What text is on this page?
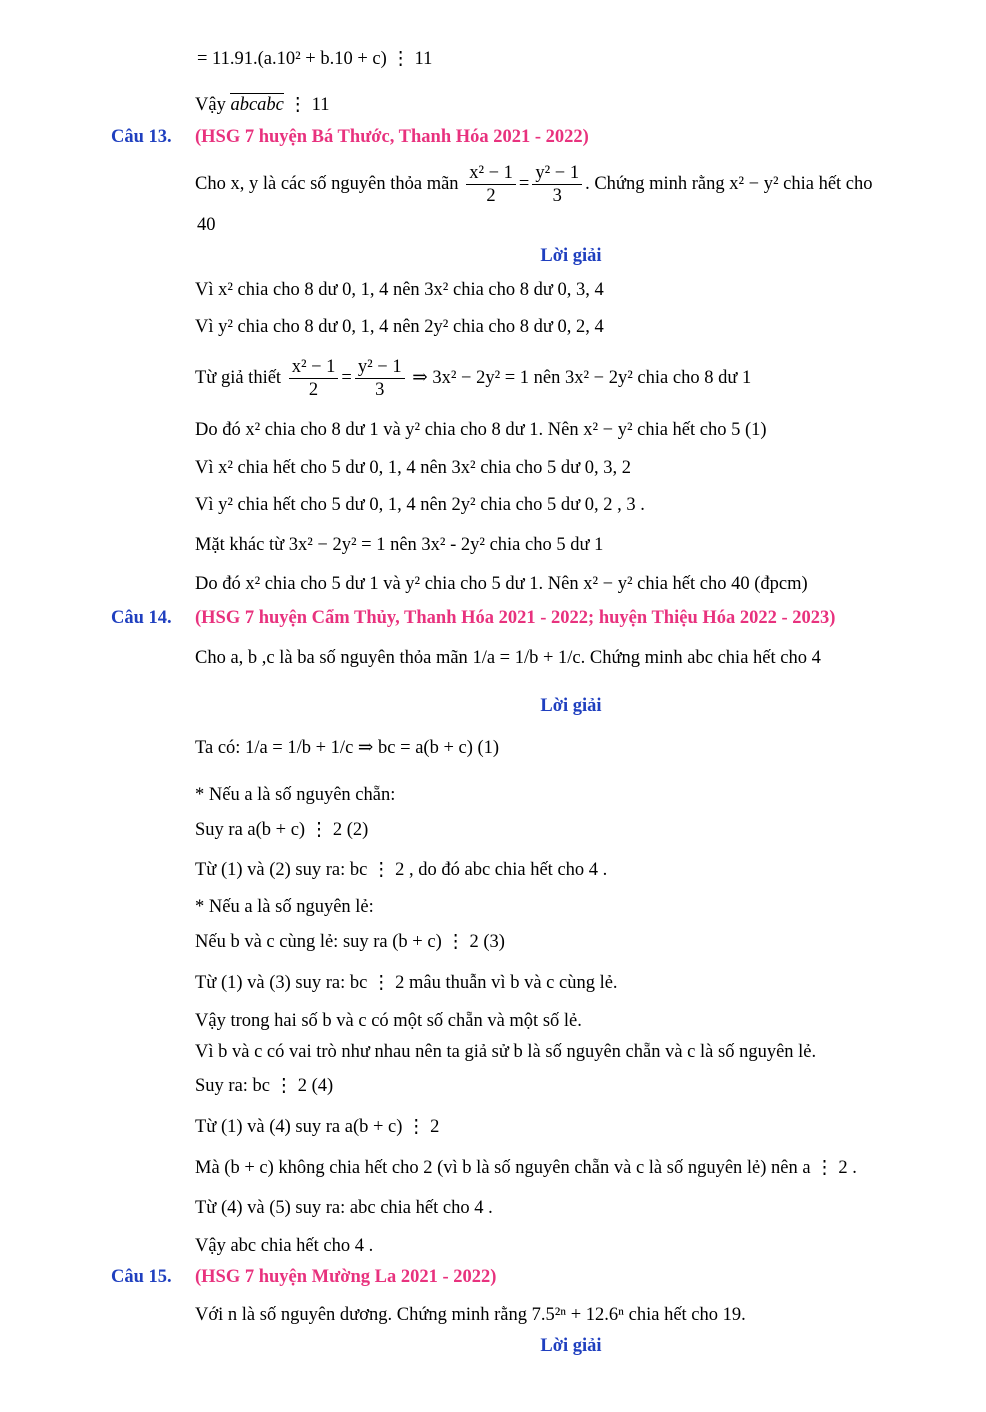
= 11.91.(a.10² + b.10 + c) ⋮ 11
Vậy abcabc ⋮ 11
Câu 13. (HSG 7 huyện Bá Thước, Thanh Hóa 2021 - 2022)
Cho x, y là các số nguyên thỏa mãn $\frac{\text{x² − 1}}{2} = \frac{\text{y² − 1}}{3}$ . Chứng minh rằng x² − y² chia hết cho
40
Lời giải
Vì x² chia cho 8 dư 0, 1, 4 nên 3x² chia cho 8 dư 0, 3, 4
Vì y² chia cho 8 dư 0, 1, 4 nên 2y² chia cho 8 dư 0, 2, 4
Từ giả thiết $\frac{\text{x² − 1}}{2} = \frac{\text{y² − 1}}{3}$ ⇒ 3x² − 2y² = 1 nên 3x² − 2y² chia cho 8 dư 1
Do đó x² chia cho 8 dư 1 và y² chia cho 8 dư 1. Nên x² − y² chia hết cho 5 (1)
Vì x² chia hết cho 5 dư 0, 1, 4 nên 3x² chia cho 5 dư 0, 3, 2
Vì y² chia hết cho 5 dư 0, 1, 4 nên 2y² chia cho 5 dư 0, 2 , 3 .
Mặt khác từ 3x² − 2y² = 1 nên 3x² - 2y² chia cho 5 dư 1
Do đó x² chia cho 5 dư 1 và y² chia cho 5 dư 1. Nên x² − y² chia hết cho 40 (đpcm)
Câu 14. (HSG 7 huyện Cẩm Thủy, Thanh Hóa 2021 - 2022; huyện Thiệu Hóa 2022 - 2023)
Cho a, b ,c là ba số nguyên thỏa mãn 1/a = 1/b + 1/c. Chứng minh abc chia hết cho 4
Lời giải
Ta có: 1/a = 1/b + 1/c ⇒ bc = a(b + c) (1)
* Nếu a là số nguyên chẵn:
Suy ra a(b + c) ⋮ 2 (2)
Từ (1) và (2) suy ra: bc ⋮ 2 , do đó abc chia hết cho 4 .
* Nếu a là số nguyên lẻ:
Nếu b và c cùng lẻ: suy ra (b + c) ⋮ 2 (3)
Từ (1) và (3) suy ra: bc ⋮ 2 mâu thuẫn vì b và c cùng lẻ.
Vậy trong hai số b và c có một số chẵn và một số lẻ.
Vì b và c có vai trò như nhau nên ta giả sử b là số nguyên chẵn và c là số nguyên lẻ.
Suy ra: bc ⋮ 2 (4)
Từ (1) và (4) suy ra a(b + c) ⋮ 2
Mà (b + c) không chia hết cho 2 (vì b là số nguyên chẵn và c là số nguyên lẻ) nên a ⋮ 2 .
Từ (4) và (5) suy ra: abc chia hết cho 4 .
Vậy abc chia hết cho 4 .
Câu 15. (HSG 7 huyện Mường La 2021 - 2022)
Với n là số nguyên dương. Chứng minh rằng 7.5²ⁿ + 12.6ⁿ chia hết cho 19.
Lời giải
